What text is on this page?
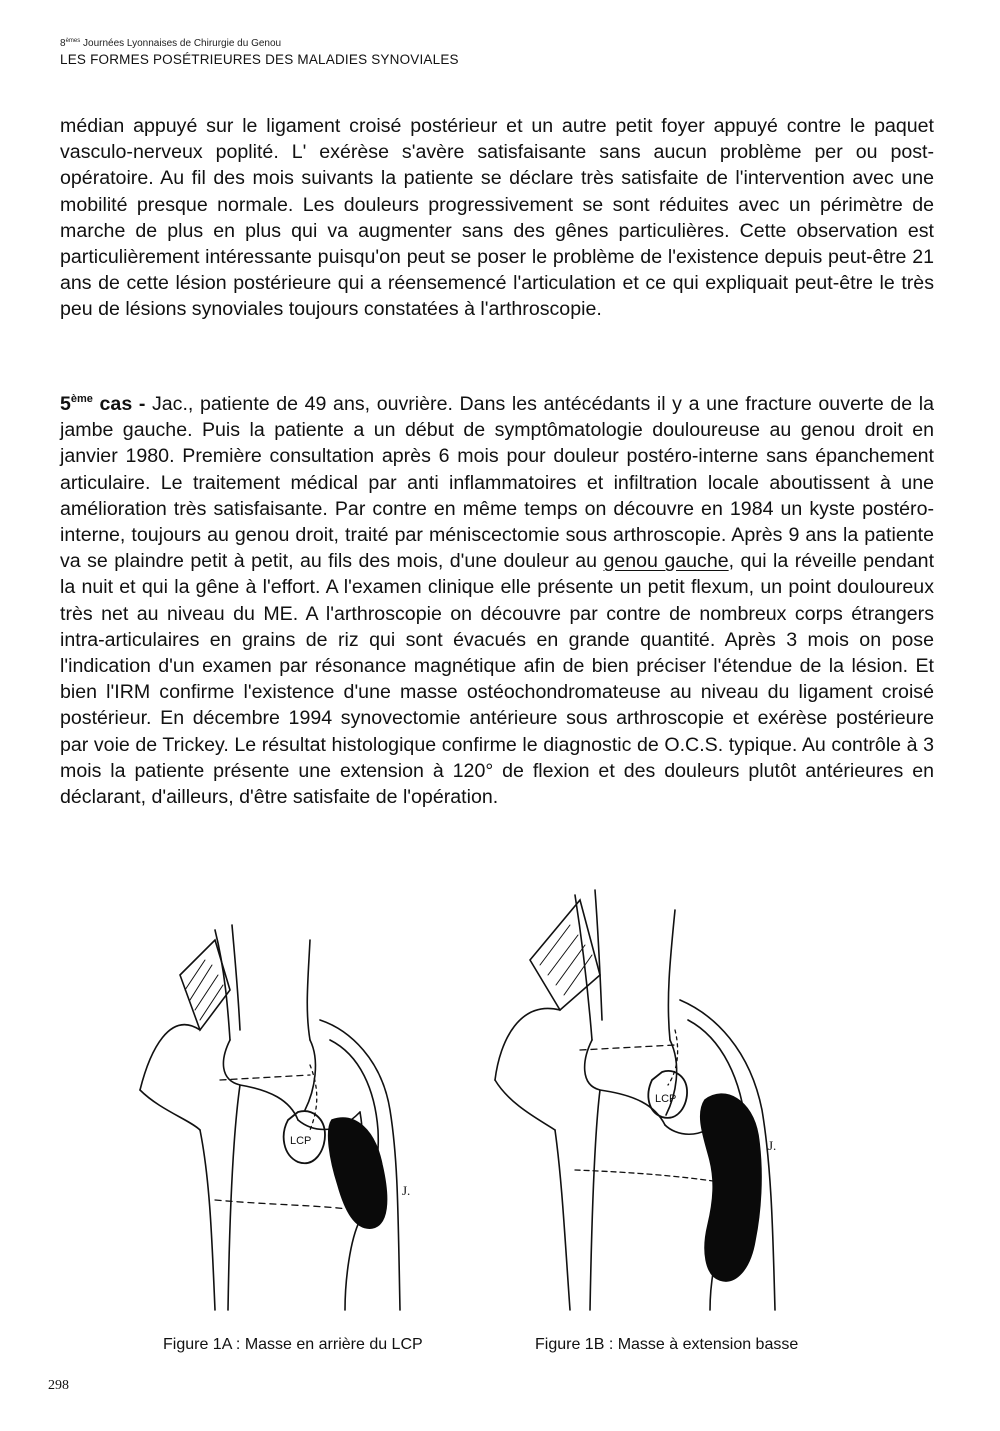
8èmes Journées Lyonnaises de Chirurgie du Genou
LES FORMES POSÉTRIEURES DES MALADIES SYNOVIALES

médian appuyé sur le ligament croisé postérieur et un autre petit foyer appuyé contre le paquet vasculo-nerveux poplité. L' exérèse s'avère satisfaisante sans aucun problème per ou post-opératoire. Au fil des mois suivants la patiente se déclare très satisfaite de l'intervention avec une mobilité presque normale. Les douleurs progressivement se sont réduites avec un périmètre de marche de plus en plus qui va augmenter sans des gênes particulières. Cette observation est particulièrement intéressante puisqu'on peut se poser le problème de l'existence depuis peut-être 21 ans de cette lésion postérieure qui a réensemencé l'articulation et ce qui expliquait peut-être le très peu de lésions synoviales toujours constatées à l'arthroscopie.

5ème cas - Jac., patiente de 49 ans, ouvrière. Dans les antécédants il y a une fracture ouverte de la jambe gauche. Puis la patiente a un début de symptômatologie douloureuse au genou droit en janvier 1980. Première consultation après 6 mois pour douleur postéro-interne sans épanchement articulaire. Le traitement médical par anti inflammatoires et infiltration locale aboutissent à une amélioration très satisfaisante. Par contre en même temps on découvre en 1984 un kyste postéro-interne, toujours au genou droit, traité par méniscectomie sous arthroscopie. Après 9 ans la patiente va se plaindre petit à petit, au fils des mois, d'une douleur au genou gauche, qui la réveille pendant la nuit et qui la gêne à l'effort. A l'examen clinique elle présente un petit flexum, un point douloureux très net au niveau du ME. A l'arthroscopie on découvre par contre de nombreux corps étrangers intra-articulaires en grains de riz qui sont évacués en grande quantité. Après 3 mois on pose l'indication d'un examen par résonance magnétique afin de bien préciser l'étendue de la lésion. Et bien l'IRM confirme l'existence d'une masse ostéochondromateuse au niveau du ligament croisé postérieur. En décembre 1994 synovectomie antérieure sous arthroscopie et exérèse postérieure par voie de Trickey. Le résultat histologique confirme le diagnostic de O.C.S. typique. Au contrôle à 3 mois la patiente présente une extension à 120° de flexion et des douleurs plutôt antérieures en déclarant, d'ailleurs, d'être satisfaite de l'opération.

LCP
J.
LCP
J.
Figure 1A : Masse en arrière du LCP	Figure 1B : Masse à extension basse
298
